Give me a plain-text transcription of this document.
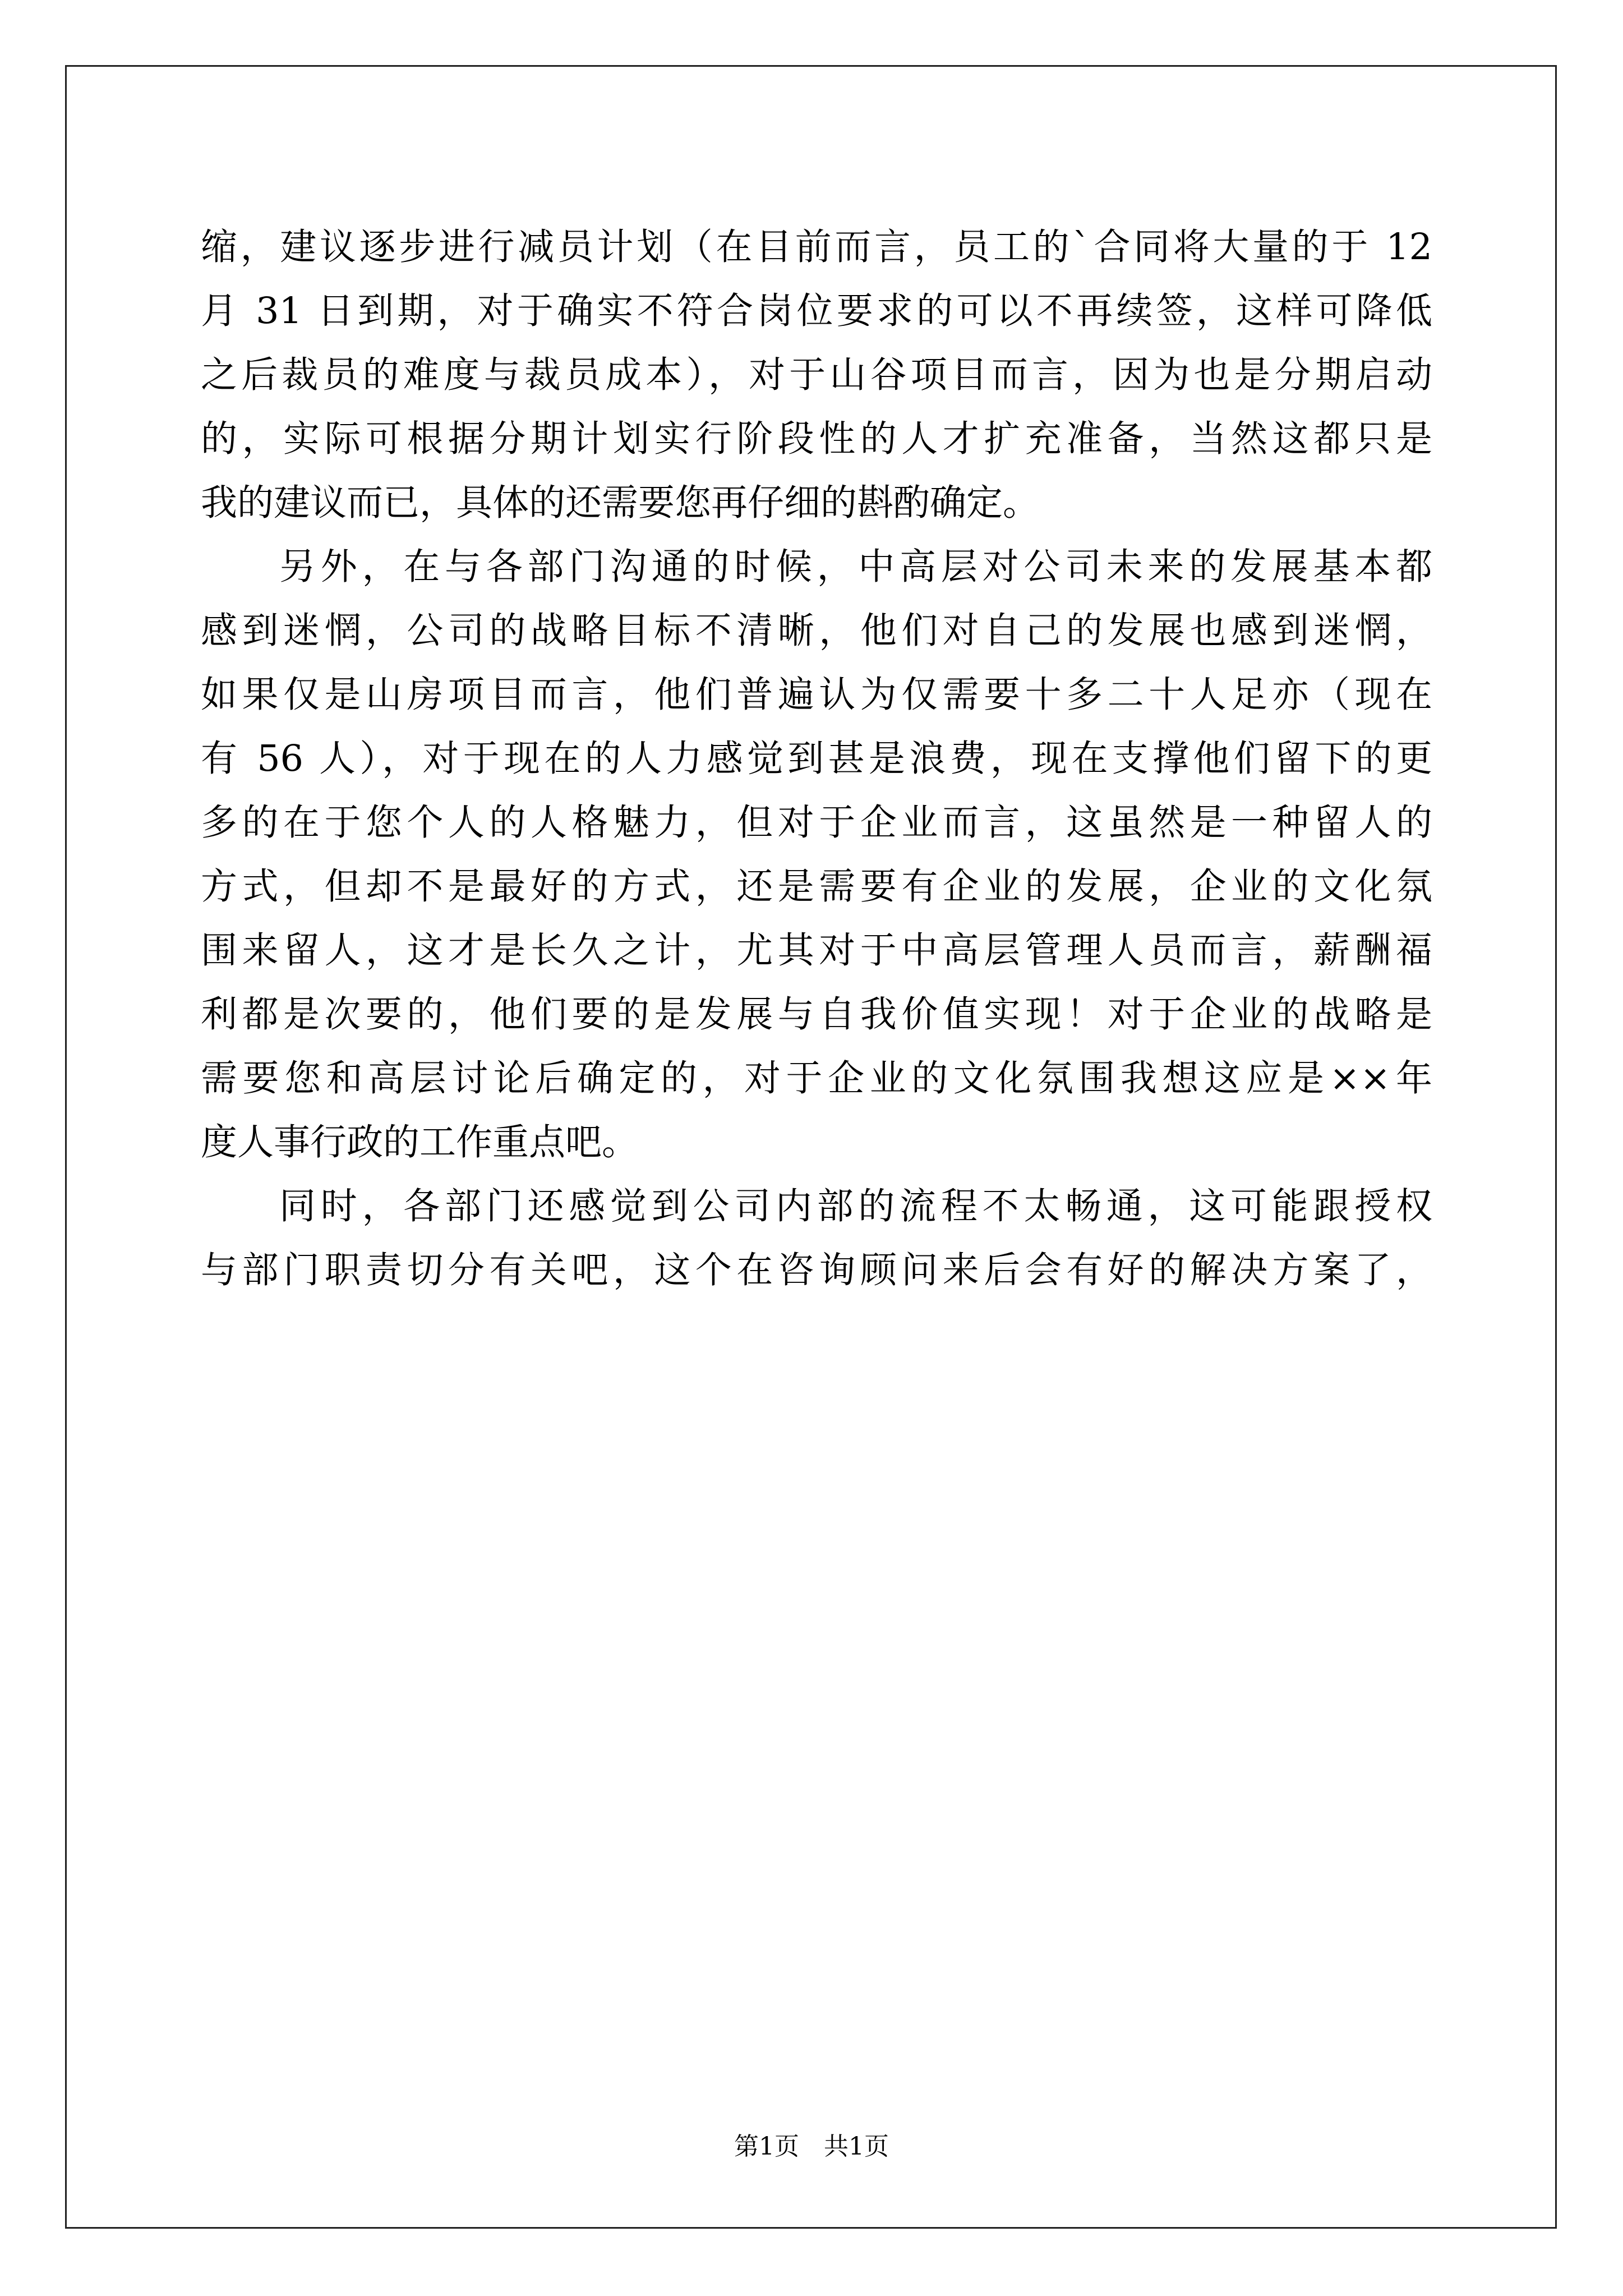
缩，建议逐步进行减员计划（在目前而言，员工的`合同将大量的于 12
月 31 日到期，对于确实不符合岗位要求的可以不再续签，这样可降低
之后裁员的难度与裁员成本），对于山谷项目而言，因为也是分期启动
的，实际可根据分期计划实行阶段性的人才扩充准备，当然这都只是
我的建议而已，具体的还需要您再仔细的斟酌确定。
另外，在与各部门沟通的时候，中高层对公司未来的发展基本都
感到迷惘，公司的战略目标不清晰，他们对自己的发展也感到迷惘，
如果仅是山房项目而言，他们普遍认为仅需要十多二十人足亦（现在
有 56 人），对于现在的人力感觉到甚是浪费，现在支撑他们留下的更
多的在于您个人的人格魅力，但对于企业而言，这虽然是一种留人的
方式，但却不是最好的方式，还是需要有企业的发展，企业的文化氛
围来留人，这才是长久之计，尤其对于中高层管理人员而言，薪酬福
利都是次要的，他们要的是发展与自我价值实现！对于企业的战略是
需要您和高层讨论后确定的，对于企业的文化氛围我想这应是××年
度人事行政的工作重点吧。
同时，各部门还感觉到公司内部的流程不太畅通，这可能跟授权
与部门职责切分有关吧，这个在咨询顾问来后会有好的解决方案了，
第1页　共1页
